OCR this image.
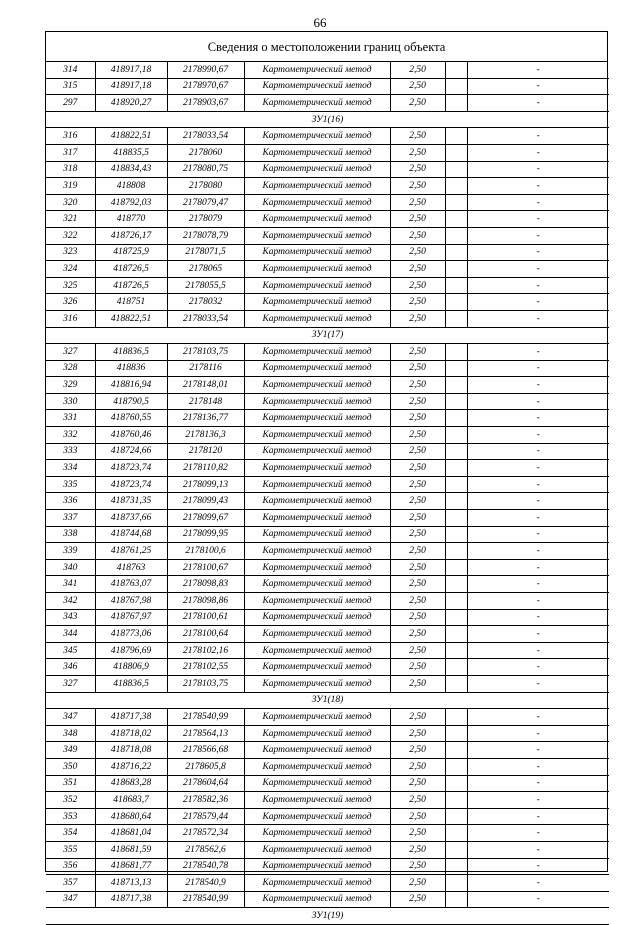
66
Сведения о местоположении границ объекта
314	418917,18	2178990,67	Картометрический метод	2,50		-
315	418917,18	2178970,67	Картометрический метод	2,50		-
297	418920,27	2178903,67	Картометрический метод	2,50		-
ЗУ1(16)						
316	418822,51	2178033,54	Картометрический метод	2,50		-
317	418835,5	2178060	Картометрический метод	2,50		-
318	418834,43	2178080,75	Картометрический метод	2,50		-
319	418808	2178080	Картометрический метод	2,50		-
320	418792,03	2178079,47	Картометрический метод	2,50		-
321	418770	2178079	Картометрический метод	2,50		-
322	418726,17	2178078,79	Картометрический метод	2,50		-
323	418725,9	2178071,5	Картометрический метод	2,50		-
324	418726,5	2178065	Картометрический метод	2,50		-
325	418726,5	2178055,5	Картометрический метод	2,50		-
326	418751	2178032	Картометрический метод	2,50		-
316	418822,51	2178033,54	Картометрический метод	2,50		-
ЗУ1(17)						
327	418836,5	2178103,75	Картометрический метод	2,50		-
328	418836	2178116	Картометрический метод	2,50		-
329	418816,94	2178148,01	Картометрический метод	2,50		-
330	418790,5	2178148	Картометрический метод	2,50		-
331	418760,55	2178136,77	Картометрический метод	2,50		-
332	418760,46	2178136,3	Картометрический метод	2,50		-
333	418724,66	2178120	Картометрический метод	2,50		-
334	418723,74	2178110,82	Картометрический метод	2,50		-
335	418723,74	2178099,13	Картометрический метод	2,50		-
336	418731,35	2178099,43	Картометрический метод	2,50		-
337	418737,66	2178099,67	Картометрический метод	2,50		-
338	418744,68	2178099,95	Картометрический метод	2,50		-
339	418761,25	2178100,6	Картометрический метод	2,50		-
340	418763	2178100,67	Картометрический метод	2,50		-
341	418763,07	2178098,83	Картометрический метод	2,50		-
342	418767,98	2178098,86	Картометрический метод	2,50		-
343	418767,97	2178100,61	Картометрический метод	2,50		-
344	418773,06	2178100,64	Картометрический метод	2,50		-
345	418796,69	2178102,16	Картометрический метод	2,50		-
346	418806,9	2178102,55	Картометрический метод	2,50		-
327	418836,5	2178103,75	Картометрический метод	2,50		-
ЗУ1(18)						
347	418717,38	2178540,99	Картометрический метод	2,50		-
348	418718,02	2178564,13	Картометрический метод	2,50		-
349	418718,08	2178566,68	Картометрический метод	2,50		-
350	418716,22	2178605,8	Картометрический метод	2,50		-
351	418683,28	2178604,64	Картометрический метод	2,50		-
352	418683,7	2178582,36	Картометрический метод	2,50		-
353	418680,64	2178579,44	Картометрический метод	2,50		-
354	418681,04	2178572,34	Картометрический метод	2,50		-
355	418681,59	2178562,6	Картометрический метод	2,50		-
356	418681,77	2178540,78	Картометрический метод	2,50		-
357	418713,13	2178540,9	Картометрический метод	2,50		-
347	418717,38	2178540,99	Картометрический метод	2,50		-
ЗУ1(19)						
